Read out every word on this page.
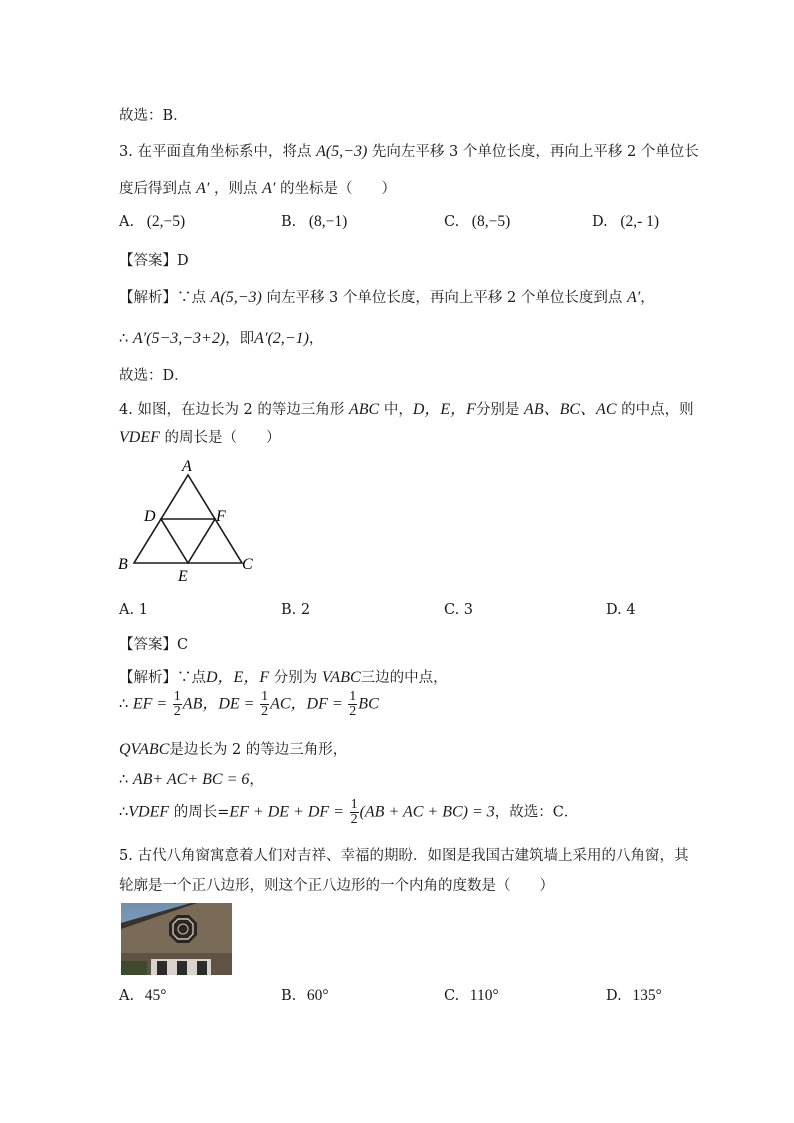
故选：B．
3. 在平面直角坐标系中，将点 A(5,−3) 先向左平移 3 个单位长度，再向上平移 2 个单位长
度后得到点 A′ ，则点 A′ 的坐标是（　　）
A. (2,−5)	B. (8,−1)	C. (8,−5)	D. (2,- 1)
【答案】D
【解析】∵点 A(5,−3) 向左平移 3 个单位长度，再向上平移 2 个单位长度到点 A′，
∴ A′(5−3,−3+2)，即A′(2,−1)，
故选：D．
4. 如图，在边长为 2 的等边三角形 ABC 中，D，E，F分别是 AB、BC、AC 的中点，则
VDEF 的周长是（　　）
A
B	C
D
E
F
A. 1	B. 2	C. 3	D. 4
【答案】C
【解析】∵点D，E，F 分别为 VABC三边的中点，
∴ EF = $\frac{1}{2}$ AB，DE = $\frac{1}{2}$ AC，DF = $\frac{1}{2}$ BC
QVABC是边长为 2 的等边三角形，
∴ AB+ AC+ BC = 6，
∴VDEF 的周长=EF + DE + DF = $\frac{1}{2} (AB$ + AC + BC) = 3，故选：C．
5. 古代八角窗寓意着人们对吉祥、幸福的期盼．如图是我国古建筑墙上采用的八角窗，其
轮廓是一个正八边形，则这个正八边形的一个内角的度数是（　　）
A. 45°	B. 60°	C. 110°	D. 135°
